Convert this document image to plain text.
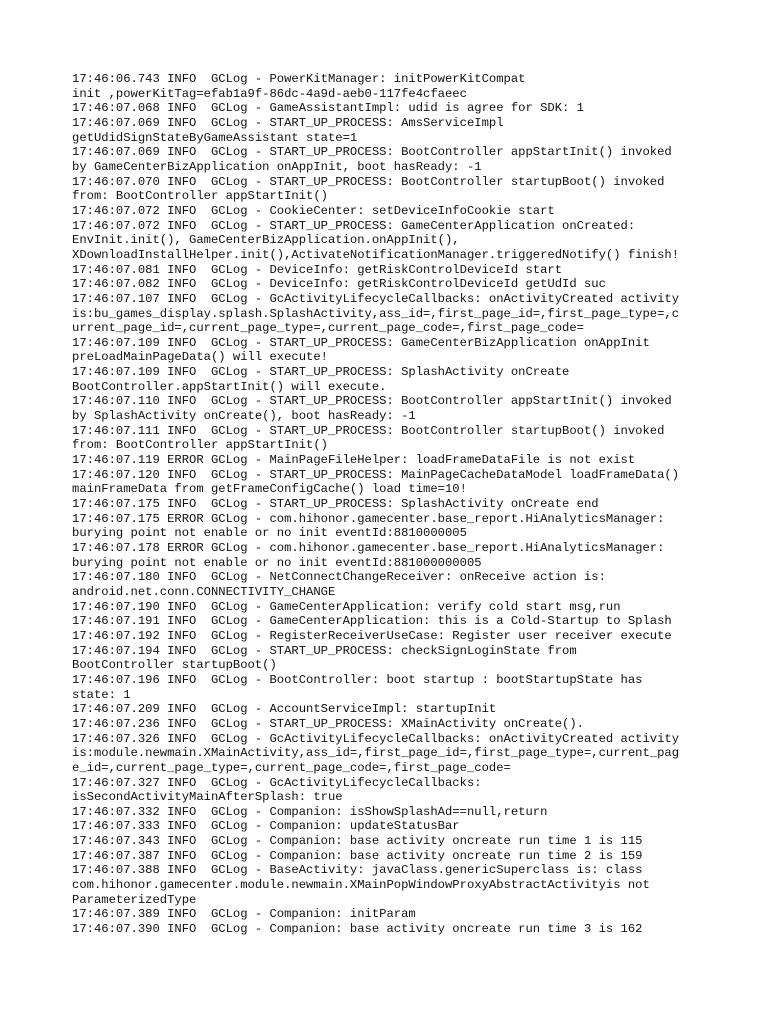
17:46:06.743 INFO  GCLog - PowerKitManager: initPowerKitCompat
init ,powerKitTag=efab1a9f-86dc-4a9d-aeb0-117fe4cfaeec
17:46:07.068 INFO  GCLog - GameAssistantImpl: udid is agree for SDK: 1
17:46:07.069 INFO  GCLog - START_UP_PROCESS: AmsServiceImpl
getUdidSignStateByGameAssistant state=1
17:46:07.069 INFO  GCLog - START_UP_PROCESS: BootController appStartInit() invoked
by GameCenterBizApplication onAppInit, boot hasReady: -1
17:46:07.070 INFO  GCLog - START_UP_PROCESS: BootController startupBoot() invoked
from: BootController appStartInit()
17:46:07.072 INFO  GCLog - CookieCenter: setDeviceInfoCookie start
17:46:07.072 INFO  GCLog - START_UP_PROCESS: GameCenterApplication onCreated:
EnvInit.init(), GameCenterBizApplication.onAppInit(),
XDownloadInstallHelper.init(),ActivateNotificationManager.triggeredNotify() finish!
17:46:07.081 INFO  GCLog - DeviceInfo: getRiskControlDeviceId start
17:46:07.082 INFO  GCLog - DeviceInfo: getRiskControlDeviceId getUdId suc
17:46:07.107 INFO  GCLog - GcActivityLifecycleCallbacks: onActivityCreated activity
is:bu_games_display.splash.SplashActivity,ass_id=,first_page_id=,first_page_type=,c
urrent_page_id=,current_page_type=,current_page_code=,first_page_code=
17:46:07.109 INFO  GCLog - START_UP_PROCESS: GameCenterBizApplication onAppInit
preLoadMainPageData() will execute!
17:46:07.109 INFO  GCLog - START_UP_PROCESS: SplashActivity onCreate
BootController.appStartInit() will execute.
17:46:07.110 INFO  GCLog - START_UP_PROCESS: BootController appStartInit() invoked
by SplashActivity onCreate(), boot hasReady: -1
17:46:07.111 INFO  GCLog - START_UP_PROCESS: BootController startupBoot() invoked
from: BootController appStartInit()
17:46:07.119 ERROR GCLog - MainPageFileHelper: loadFrameDataFile is not exist
17:46:07.120 INFO  GCLog - START_UP_PROCESS: MainPageCacheDataModel loadFrameData()
mainFrameData from getFrameConfigCache() load time=10!
17:46:07.175 INFO  GCLog - START_UP_PROCESS: SplashActivity onCreate end
17:46:07.175 ERROR GCLog - com.hihonor.gamecenter.base_report.HiAnalyticsManager:
burying point not enable or no init eventId:8810000005
17:46:07.178 ERROR GCLog - com.hihonor.gamecenter.base_report.HiAnalyticsManager:
burying point not enable or no init eventId:881000000005
17:46:07.180 INFO  GCLog - NetConnectChangeReceiver: onReceive action is:
android.net.conn.CONNECTIVITY_CHANGE
17:46:07.190 INFO  GCLog - GameCenterApplication: verify cold start msg,run
17:46:07.191 INFO  GCLog - GameCenterApplication: this is a Cold-Startup to Splash
17:46:07.192 INFO  GCLog - RegisterReceiverUseCase: Register user receiver execute
17:46:07.194 INFO  GCLog - START_UP_PROCESS: checkSignLoginState from
BootController startupBoot()
17:46:07.196 INFO  GCLog - BootController: boot startup : bootStartupState has
state: 1
17:46:07.209 INFO  GCLog - AccountServiceImpl: startupInit
17:46:07.236 INFO  GCLog - START_UP_PROCESS: XMainActivity onCreate().
17:46:07.326 INFO  GCLog - GcActivityLifecycleCallbacks: onActivityCreated activity
is:module.newmain.XMainActivity,ass_id=,first_page_id=,first_page_type=,current_pag
e_id=,current_page_type=,current_page_code=,first_page_code=
17:46:07.327 INFO  GCLog - GcActivityLifecycleCallbacks:
isSecondActivityMainAfterSplash: true
17:46:07.332 INFO  GCLog - Companion: isShowSplashAd==null,return
17:46:07.333 INFO  GCLog - Companion: updateStatusBar
17:46:07.343 INFO  GCLog - Companion: base activity oncreate run time 1 is 115
17:46:07.387 INFO  GCLog - Companion: base activity oncreate run time 2 is 159
17:46:07.388 INFO  GCLog - BaseActivity: javaClass.genericSuperclass is: class
com.hihonor.gamecenter.module.newmain.XMainPopWindowProxyAbstractActivityis not
ParameterizedType
17:46:07.389 INFO  GCLog - Companion: initParam
17:46:07.390 INFO  GCLog - Companion: base activity oncreate run time 3 is 162
